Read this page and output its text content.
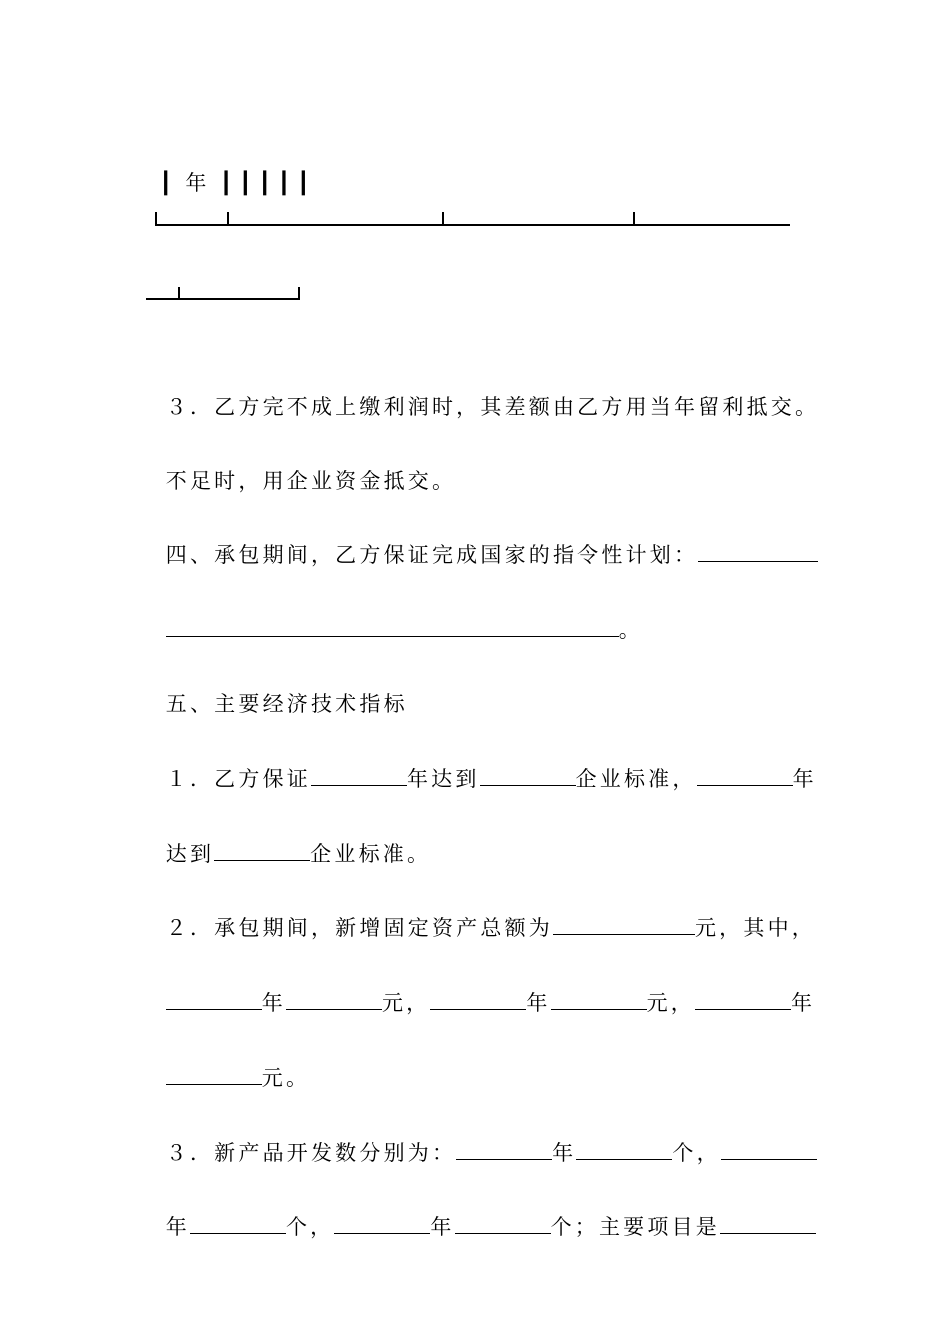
┃  年  ┃ ┃ ┃ ┃ ┃

３．乙方完不成上缴利润时，其差额由乙方用当年留利抵交。

不足时，用企业资金抵交。

四、承包期间，乙方保证完成国家的指令性计划：

。

五、主要经济技术指标

１．乙方保证	年达到	企业标准，	年

达到	企业标准。

２．承包期间，新增固定资产总额为	元，其中，

年	元，	年	元，	年

元。

３．新产品开发数分别为：	年	个，

年	个，	年	个；主要项目是
